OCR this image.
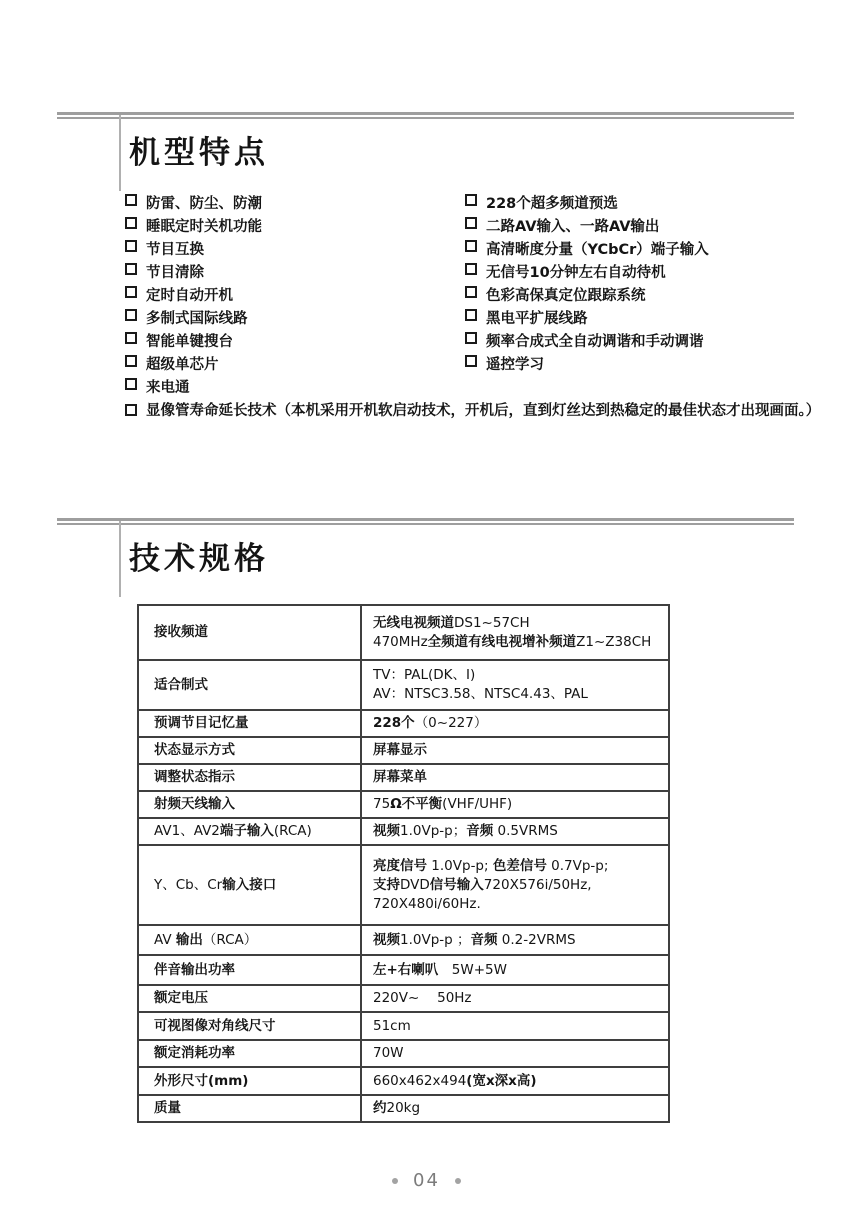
机型特点
防雷、防尘、防潮
睡眠定时关机功能
节目互换
节目清除
定时自动开机
多制式国际线路
智能单键搜台
超级单芯片
来电通
228个超多频道预选
二路AV输入、一路AV输出
高清晰度分量（YCbCr）端子输入
无信号10分钟左右自动待机
色彩高保真定位跟踪系统
黑电平扩展线路
频率合成式全自动调谐和手动调谐
遥控学习
显像管寿命延长技术（本机采用开机软启动技术，开机后，直到灯丝达到热稳定的最佳状态才出现画面。）
技术规格
接收频道	无线电视频道DS1~57CH
470MHz全频道有线电视增补频道Z1~Z38CH

适合制式	TV：PAL(DK、I)
AV：NTSC3.58、NTSC4.43、PAL

预调节目记忆量	228个（0~227）

状态显示方式	屏幕显示

调整状态指示	屏幕菜单

射频天线输入	75Ω不平衡(VHF/UHF)

AV1、AV2端子输入(RCA)	视频1.0Vp-p；音频 0.5VRMS

Y、Cb、Cr输入接口	亮度信号 1.0Vp-p; 色差信号 0.7Vp-p;
支持DVD信号输入720X576i/50Hz,
720X480i/60Hz.

AV 输出（RCA）	视频1.0Vp-p ；音频 0.2-2VRMS

伴音输出功率	左+右喇叭　5W+5W

额定电压	220V~　 50Hz

可视图像对角线尺寸	51cm

额定消耗功率	70W

外形尺寸(mm)	660x462x494(宽x深x高)

质量	约20kg
04
